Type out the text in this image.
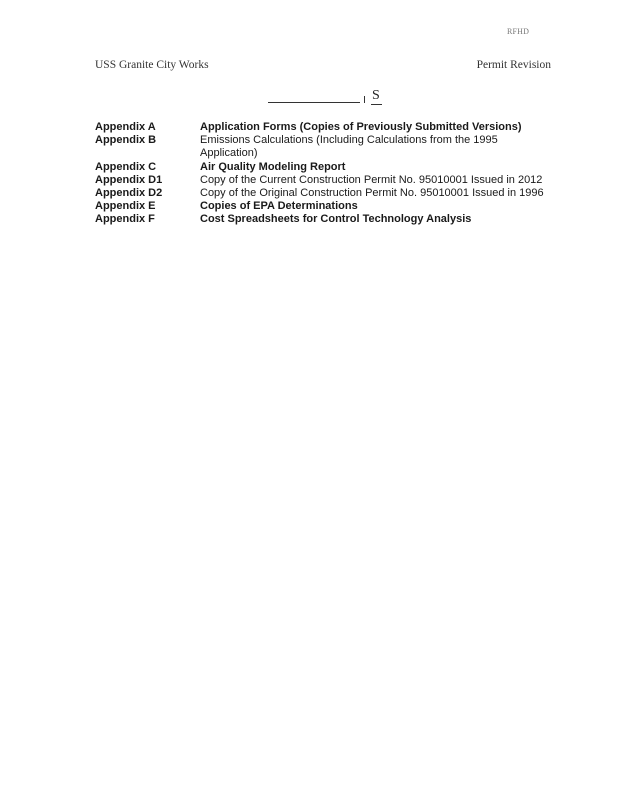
RFHD
USS Granite City Works	Permit Revision
S
Appendix A	Application Forms (Copies of Previously Submitted Versions)
Appendix B	Emissions Calculations (Including Calculations from the 1995 Application)
Appendix C	Air Quality Modeling Report
Appendix D1	Copy of the Current Construction Permit No. 95010001 Issued in 2012
Appendix D2	Copy of the Original Construction Permit No. 95010001 Issued in 1996
Appendix E	Copies of EPA Determinations
Appendix F	Cost Spreadsheets for Control Technology Analysis
